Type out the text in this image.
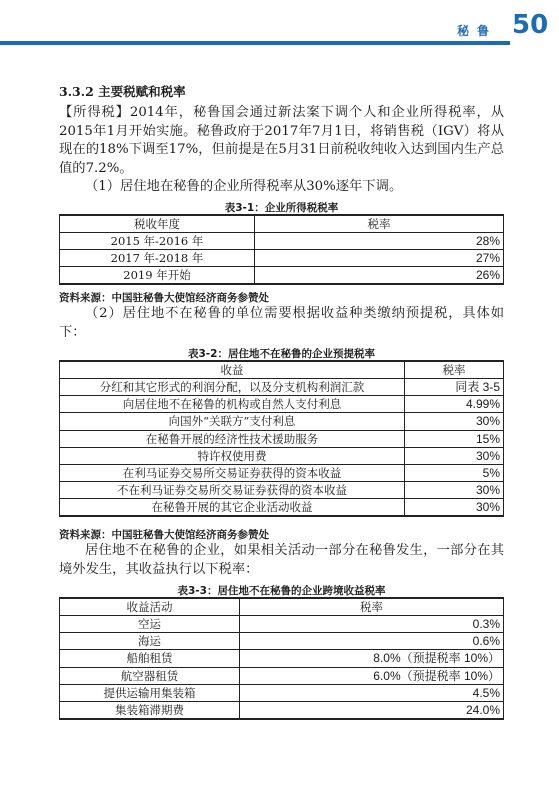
秘鲁 50
3.3.2 主要税赋和税率
【所得税】2014年，秘鲁国会通过新法案下调个人和企业所得税率，从2015年1月开始实施。秘鲁政府于2017年7月1日，将销售税（IGV）将从现在的18%下调至17%，但前提是在5月31日前税收纯收入达到国内生产总值的7.2%。
（1）居住地在秘鲁的企业所得税率从30%逐年下调。
表3-1：企业所得税税率
税收年度	税率
2015 年-2016 年	28%
2017 年-2018 年	27%
2019 年开始	26%
资料来源：中国驻秘鲁大使馆经济商务参赞处
（2）居住地不在秘鲁的单位需要根据收益种类缴纳预提税，具体如下：
表3-2：居住地不在秘鲁的企业预提税率
收益	税率
分红和其它形式的利润分配，以及分支机构利润汇款	同表 3-5
向居住地不在秘鲁的机构或自然人支付利息	4.99%
向国外“关联方”支付利息	30%
在秘鲁开展的经济性技术援助服务	15%
特许权使用费	30%
在利马证券交易所交易证券获得的资本收益	5%
不在利马证券交易所交易证券获得的资本收益	30%
在秘鲁开展的其它企业活动收益	30%
资料来源：中国驻秘鲁大使馆经济商务参赞处
居住地不在秘鲁的企业，如果相关活动一部分在秘鲁发生，一部分在其境外发生，其收益执行以下税率：
表3-3：居住地不在秘鲁的企业跨境收益税率
收益活动	税率
空运	0.3%
海运	0.6%
船舶租赁	8.0%（预提税率 10%）
航空器租赁	6.0%（预提税率 10%）
提供运输用集装箱	4.5%
集装箱滞期费	24.0%
